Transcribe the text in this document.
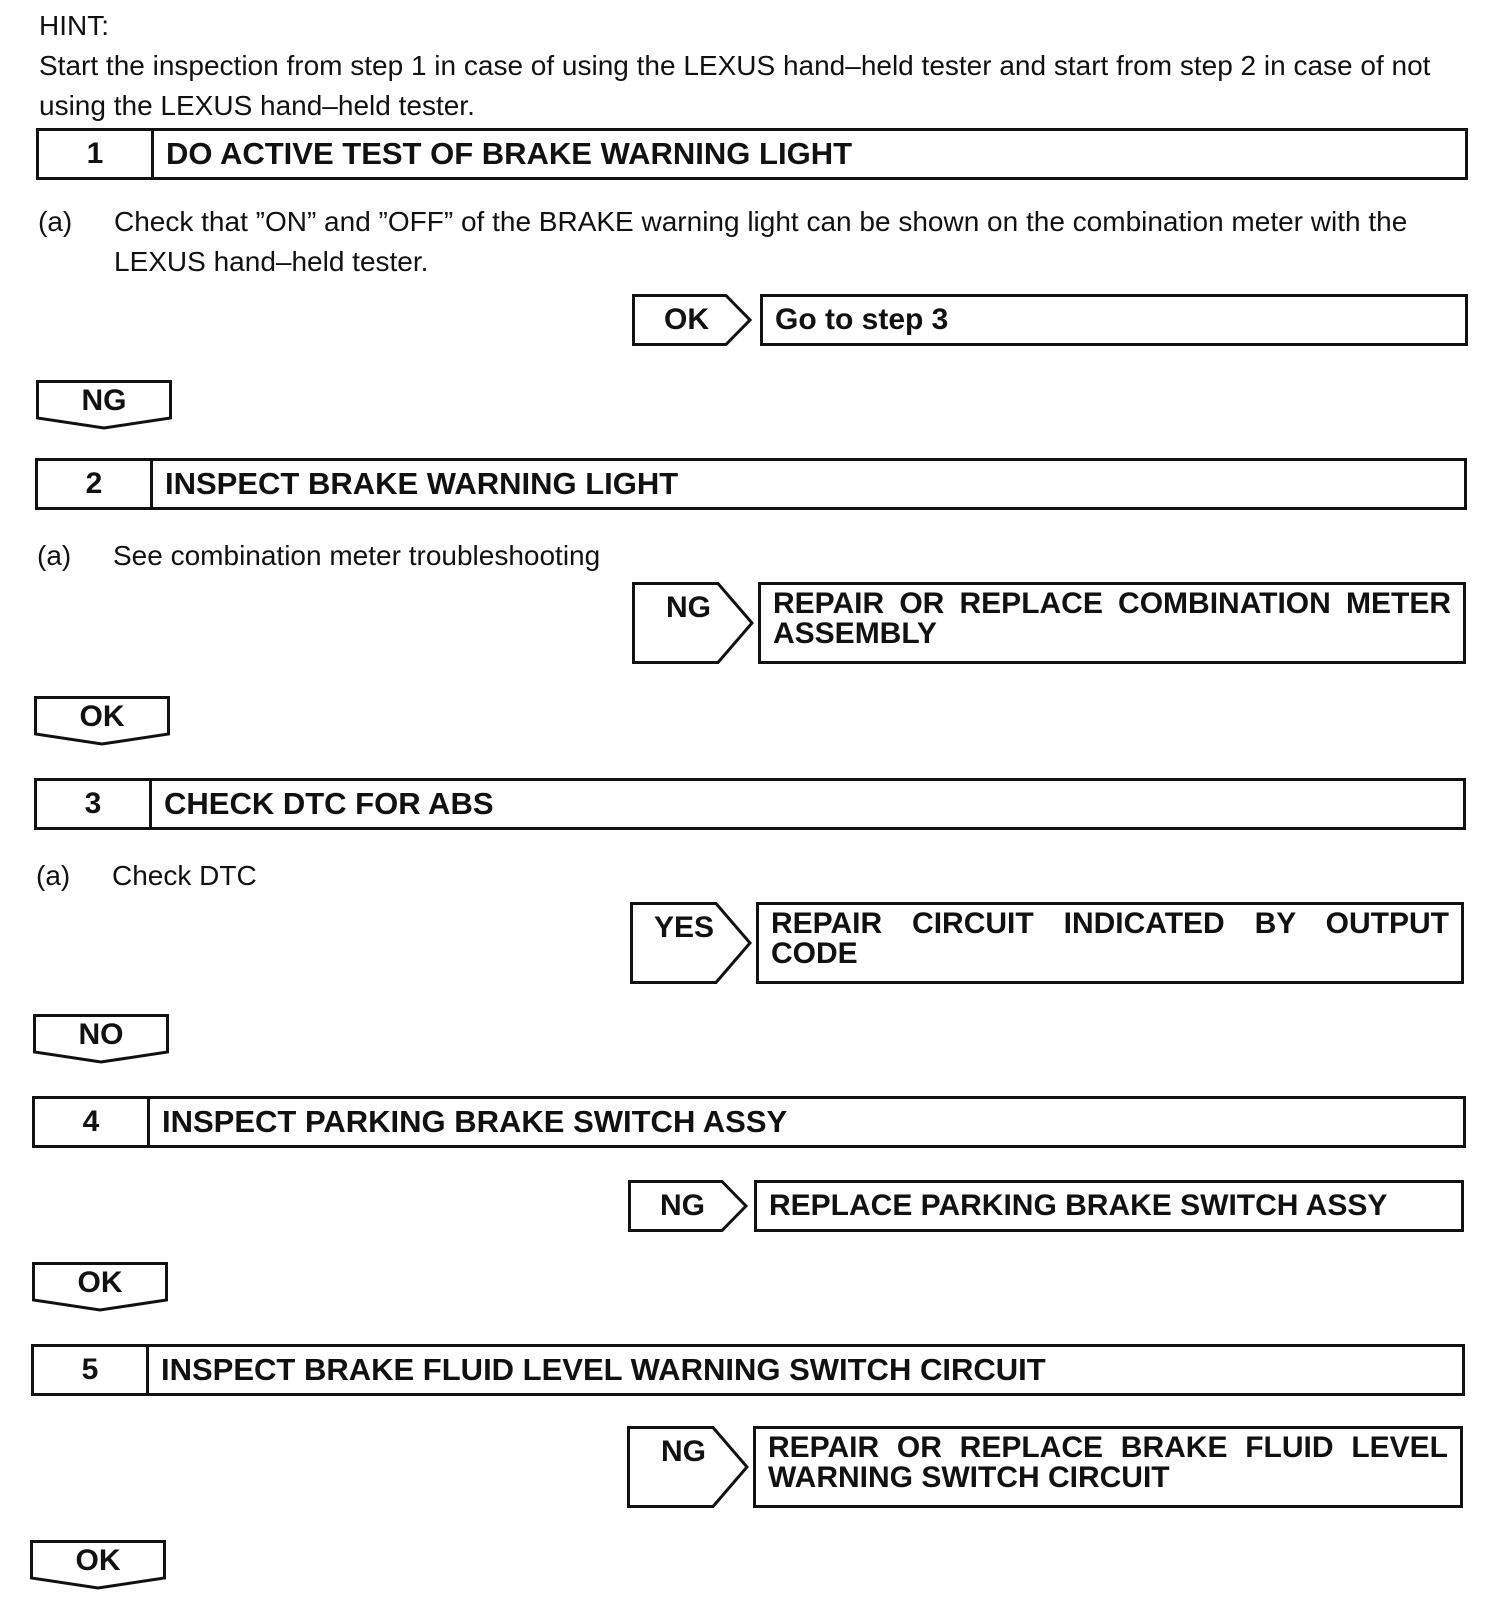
HINT:
Start the inspection from step 1 in case of using the LEXUS hand–held tester and start from step 2 in case of not using the LEXUS hand–held tester.
1	DO ACTIVE TEST OF BRAKE WARNING LIGHT
(a) Check that ”ON” and ”OFF” of the BRAKE warning light can be shown on the combination meter with the LEXUS hand–held tester.
OK	Go to step 3
NG
2	INSPECT BRAKE WARNING LIGHT
(a) See combination meter troubleshooting
NG	REPAIR OR REPLACE COMBINATION METER ASSEMBLY
OK
3	CHECK DTC FOR ABS
(a) Check DTC
YES	REPAIR CIRCUIT INDICATED BY OUTPUT CODE
NO
4	INSPECT PARKING BRAKE SWITCH ASSY
NG	REPLACE PARKING BRAKE SWITCH ASSY
OK
5	INSPECT BRAKE FLUID LEVEL WARNING SWITCH CIRCUIT
NG	REPAIR OR REPLACE BRAKE FLUID LEVEL WARNING SWITCH CIRCUIT
OK
